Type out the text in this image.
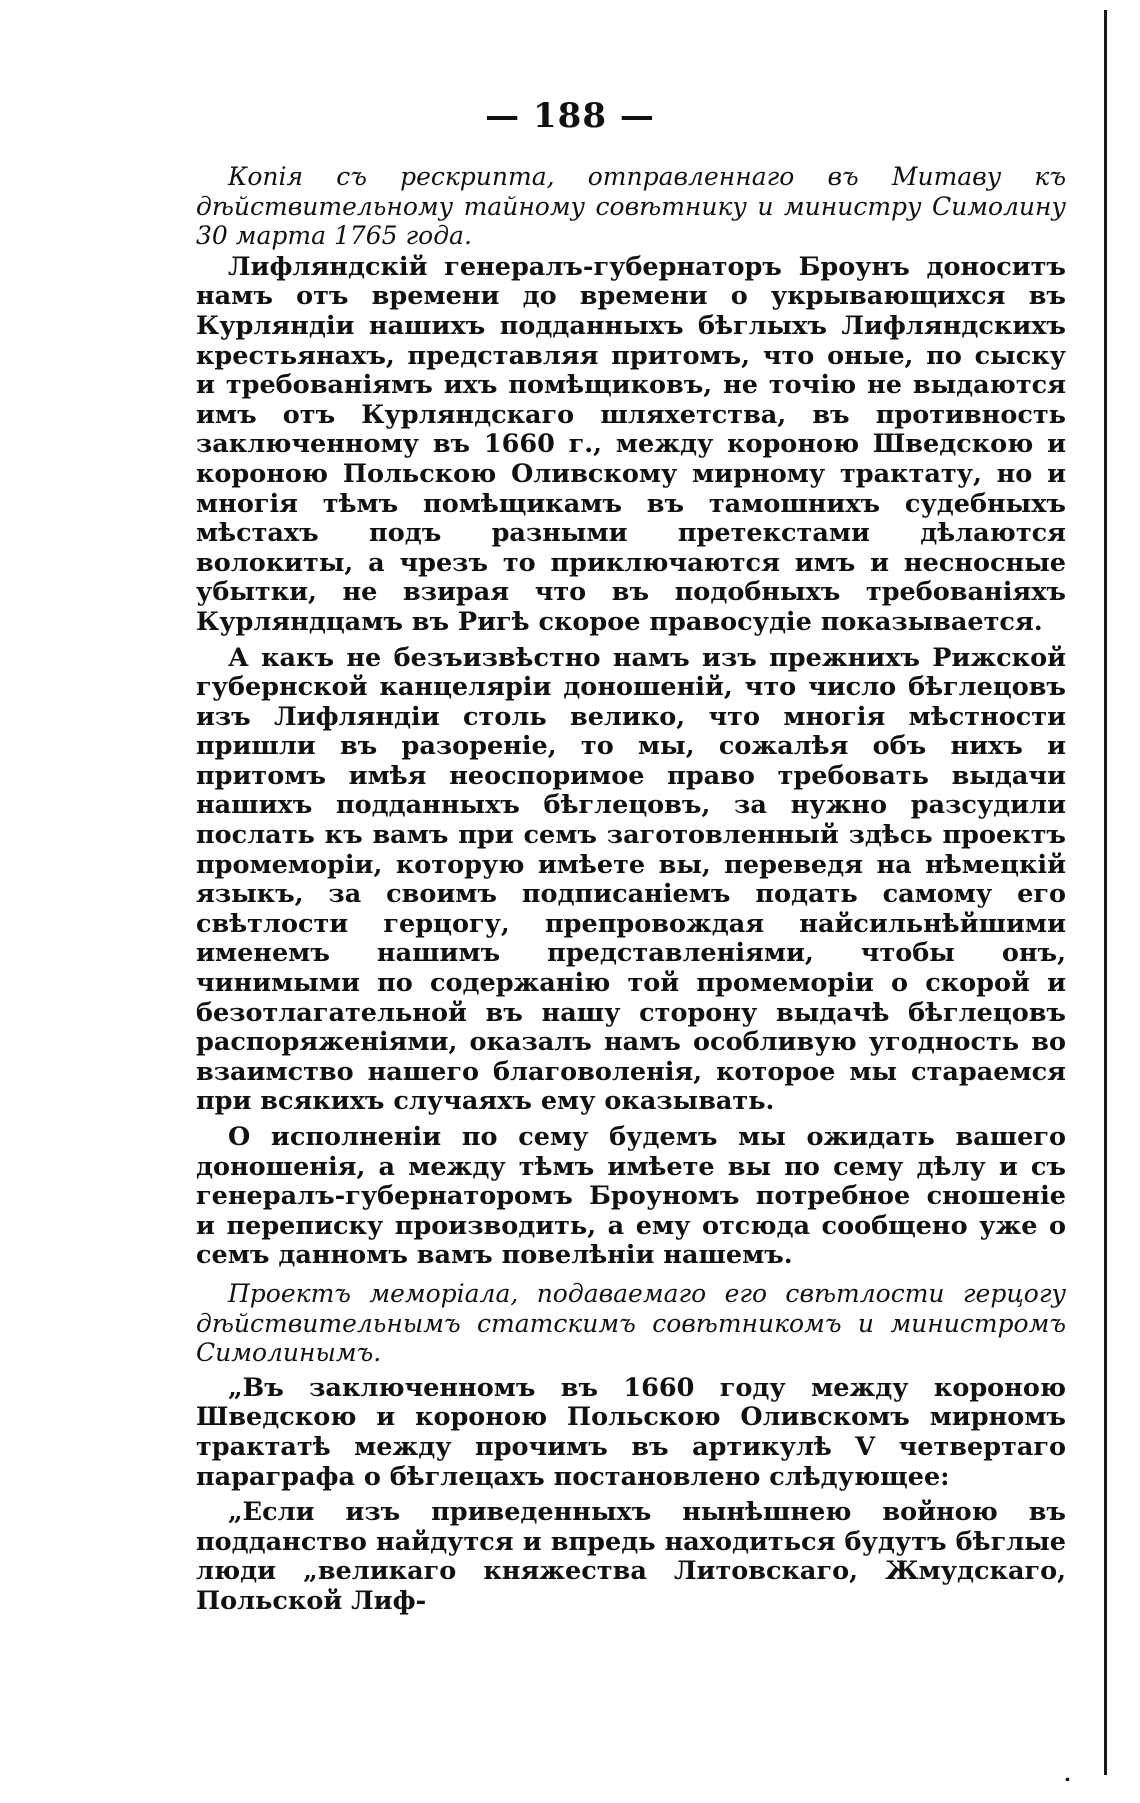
— 188 —

Копія съ рескрипта, отправленнаго въ Митаву къ дѣйствительному тайному совѣтнику и министру Симолину 30 марта 1765 года.

Лифляндскій генералъ-губернаторъ Броунъ доноситъ намъ отъ времени до времени о укрывающихся въ Курляндіи нашихъ подданныхъ бѣглыхъ Лифляндскихъ крестьянахъ, представляя притомъ, что оные, по сыску и требованіямъ ихъ помѣщиковъ, не точію не выдаются имъ отъ Курляндскаго шляхетства, въ противность заключенному въ 1660 г., между короною Шведскою и короною Польскою Оливскому мирному трактату, но и многія тѣмъ помѣщикамъ въ тамошнихъ судебныхъ мѣстахъ подъ разными претекстами дѣлаются волокиты, а чрезъ то приключаются имъ и несносные убытки, не взирая что въ подобныхъ требованіяхъ Курляндцамъ въ Ригѣ скорое правосудіе показывается.

А какъ не безъизвѣстно намъ изъ прежнихъ Рижской губернской канцеляріи доношеній, что число бѣглецовъ изъ Лифляндіи столь велико, что многія мѣстности пришли въ разореніе, то мы, сожалѣя объ нихъ и притомъ имѣя неоспоримое право требовать выдачи нашихъ подданныхъ бѣглецовъ, за нужно разсудили послать къ вамъ при семъ заготовленный здѣсь проектъ промеморіи, которую имѣете вы, переведя на нѣмецкій языкъ, за своимъ подписаніемъ подать самому его свѣтлости герцогу, препровождая найсильнѣйшими именемъ нашимъ представленіями, чтобы онъ, чинимыми по содержанію той промеморіи о скорой и безотлагательной въ нашу сторону выдачѣ бѣглецовъ распоряженіями, оказалъ намъ особливую угодность во взаимство нашего благоволенія, которое мы стараемся при всякихъ случаяхъ ему оказывать.

О исполненіи по сему будемъ мы ожидать вашего доношенія, а между тѣмъ имѣете вы по сему дѣлу и съ генералъ-губернаторомъ Броуномъ потребное сношеніе и переписку производить, а ему отсюда сообщено уже о семъ данномъ вамъ повелѣніи нашемъ.

Проектъ меморіала, подаваемаго его свѣтлости герцогу дѣйствительнымъ статскимъ совѣтникомъ и министромъ Симолинымъ.

„Въ заключенномъ въ 1660 году между короною Шведскою и короною Польскою Оливскомъ мирномъ трактатѣ между прочимъ въ артикулѣ V четвертаго параграфа о бѣглецахъ постановлено слѣдующее:

„Если изъ приведенныхъ нынѣшнею войною въ подданство найдутся и впредь находиться будутъ бѣглые люди „великаго княжества Литовскаго, Жмудскаго, Польской Лиф-

.
